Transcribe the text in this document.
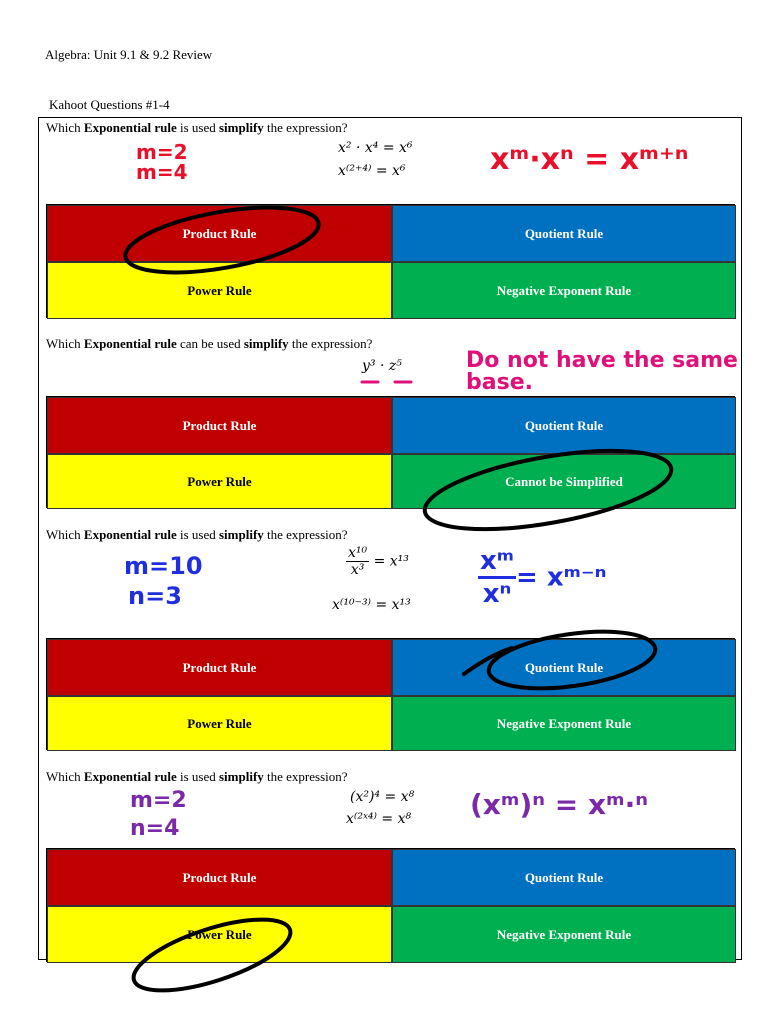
Algebra: Unit 9.1 & 9.2 Review
Kahoot Questions #1-4
Which Exponential rule is used simplify the expression?
x² · x⁴ = x⁶
x⁽²⁺⁴⁾ = x⁶
m=2
m=4	xᵐ·xⁿ = xᵐ⁺ⁿ
Product Rule	Quotient Rule
Power Rule	Negative Exponent Rule
Which Exponential rule can be used simplify the expression?
y³ · z⁵	Do not have the same base.
Product Rule	Quotient Rule
Power Rule	Cannot be Simplified
Which Exponential rule is used simplify the expression?
$\frac{\text{x¹⁰}}{\text{x³}} = x^{13}$
x⁽¹⁰⁻³⁾ = x¹³
m=10
n=3	$\frac{\text{xᵐ}}{\text{xⁿ}}$ = xᵐ⁻ⁿ
Product Rule	Quotient Rule
Power Rule	Negative Exponent Rule
Which Exponential rule is used simplify the expression?
(x²)⁴ = x⁸
x⁽²ˣ⁴⁾ = x⁸
m=2
n=4
(xᵐ)ⁿ = xᵐ·ⁿ
Product Rule	Quotient Rule
Power Rule	Negative Exponent Rule
